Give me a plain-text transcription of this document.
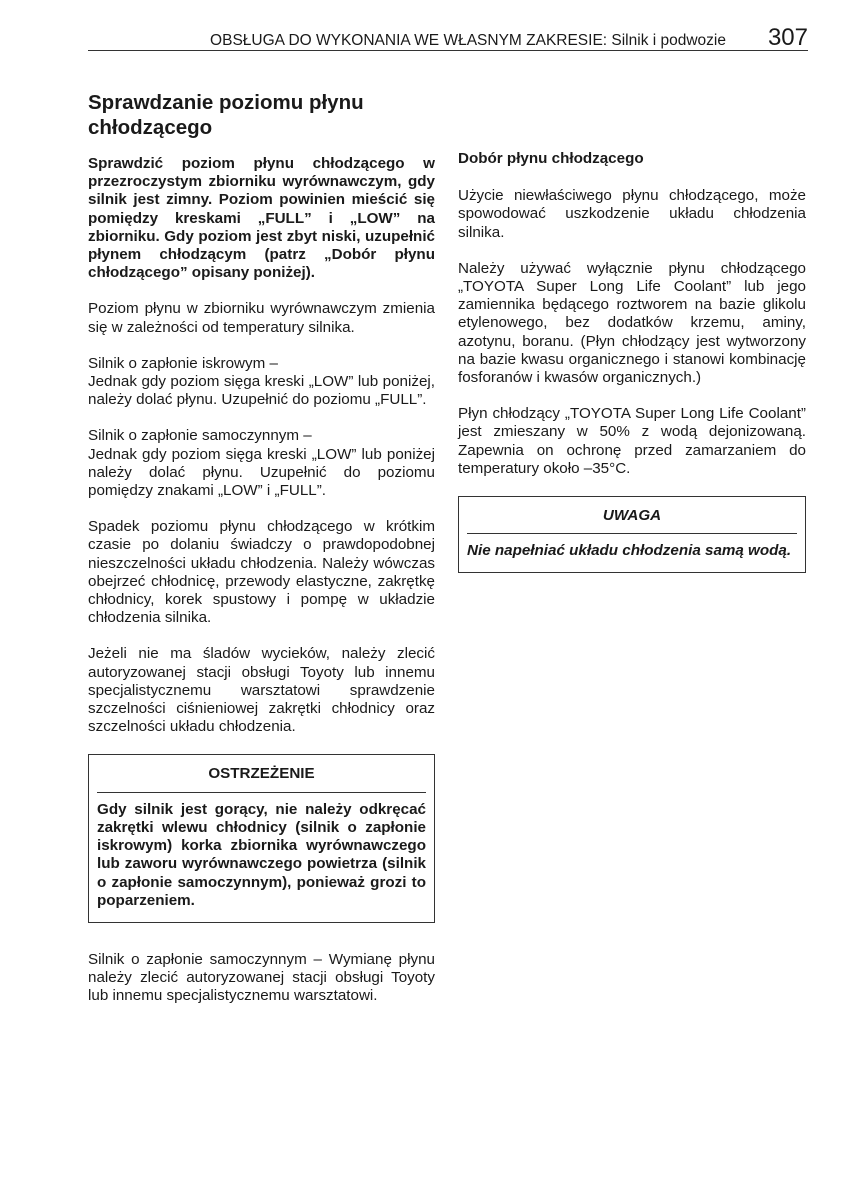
OBSŁUGA DO WYKONANIA WE WŁASNYM ZAKRESIE: Silnik i podwozie 307
Sprawdzanie poziomu płynu chłodzącego

Sprawdzić poziom płynu chłodzącego w przezroczystym zbiorniku wyrównawczym, gdy silnik jest zimny. Poziom powinien mieścić się pomiędzy kreskami „FULL” i „LOW” na zbiorniku. Gdy poziom jest zbyt niski, uzupełnić płynem chłodzącym (patrz „Dobór płynu chłodzącego” opisany poniżej).

Poziom płynu w zbiorniku wyrównawczym zmienia się w zależności od temperatury silnika.

Silnik o zapłonie iskrowym –
Jednak gdy poziom sięga kreski „LOW” lub poniżej, należy dolać płynu. Uzupełnić do poziomu „FULL”.

Silnik o zapłonie samoczynnym –
Jednak gdy poziom sięga kreski „LOW” lub poniżej należy dolać płynu. Uzupełnić do poziomu pomiędzy znakami „LOW” i „FULL”.

Spadek poziomu płynu chłodzącego w krótkim czasie po dolaniu świadczy o prawdopodobnej nieszczelności układu chłodzenia. Należy wówczas obejrzeć chłodnicę, przewody elastyczne, zakrętkę chłodnicy, korek spustowy i pompę w układzie chłodzenia silnika.

Jeżeli nie ma śladów wycieków, należy zlecić autoryzowanej stacji obsługi Toyoty lub innemu specjalistycznemu warsztatowi sprawdzenie szczelności ciśnieniowej zakrętki chłodnicy oraz szczelności układu chłodzenia.

OSTRZEŻENIE
Gdy silnik jest gorący, nie należy odkręcać zakrętki wlewu chłodnicy (silnik o zapłonie iskrowym) korka zbiornika wyrównawczego lub zaworu wyrównawczego powietrza (silnik o zapłonie samoczynnym), ponieważ grozi to poparzeniem.

Silnik o zapłonie samoczynnym – Wymianę płynu należy zlecić autoryzowanej stacji obsługi Toyoty lub innemu specjalistycznemu warsztatowi.

Dobór płynu chłodzącego

Użycie niewłaściwego płynu chłodzącego, może spowodować uszkodzenie układu chłodzenia silnika.

Należy używać wyłącznie płynu chłodzącego „TOYOTA Super Long Life Coolant” lub jego zamiennika będącego roztworem na bazie glikolu etylenowego, bez dodatków krzemu, aminy, azotynu, boranu. (Płyn chłodzący jest wytworzony na bazie kwasu organicznego i stanowi kombinację fosforanów i kwasów organicznych.)

Płyn chłodzący „TOYOTA Super Long Life Coolant” jest zmieszany w 50% z wodą dejonizowaną. Zapewnia on ochronę przed zamarzaniem do temperatury około –35°C.

UWAGA
Nie napełniać układu chłodzenia samą wodą.
